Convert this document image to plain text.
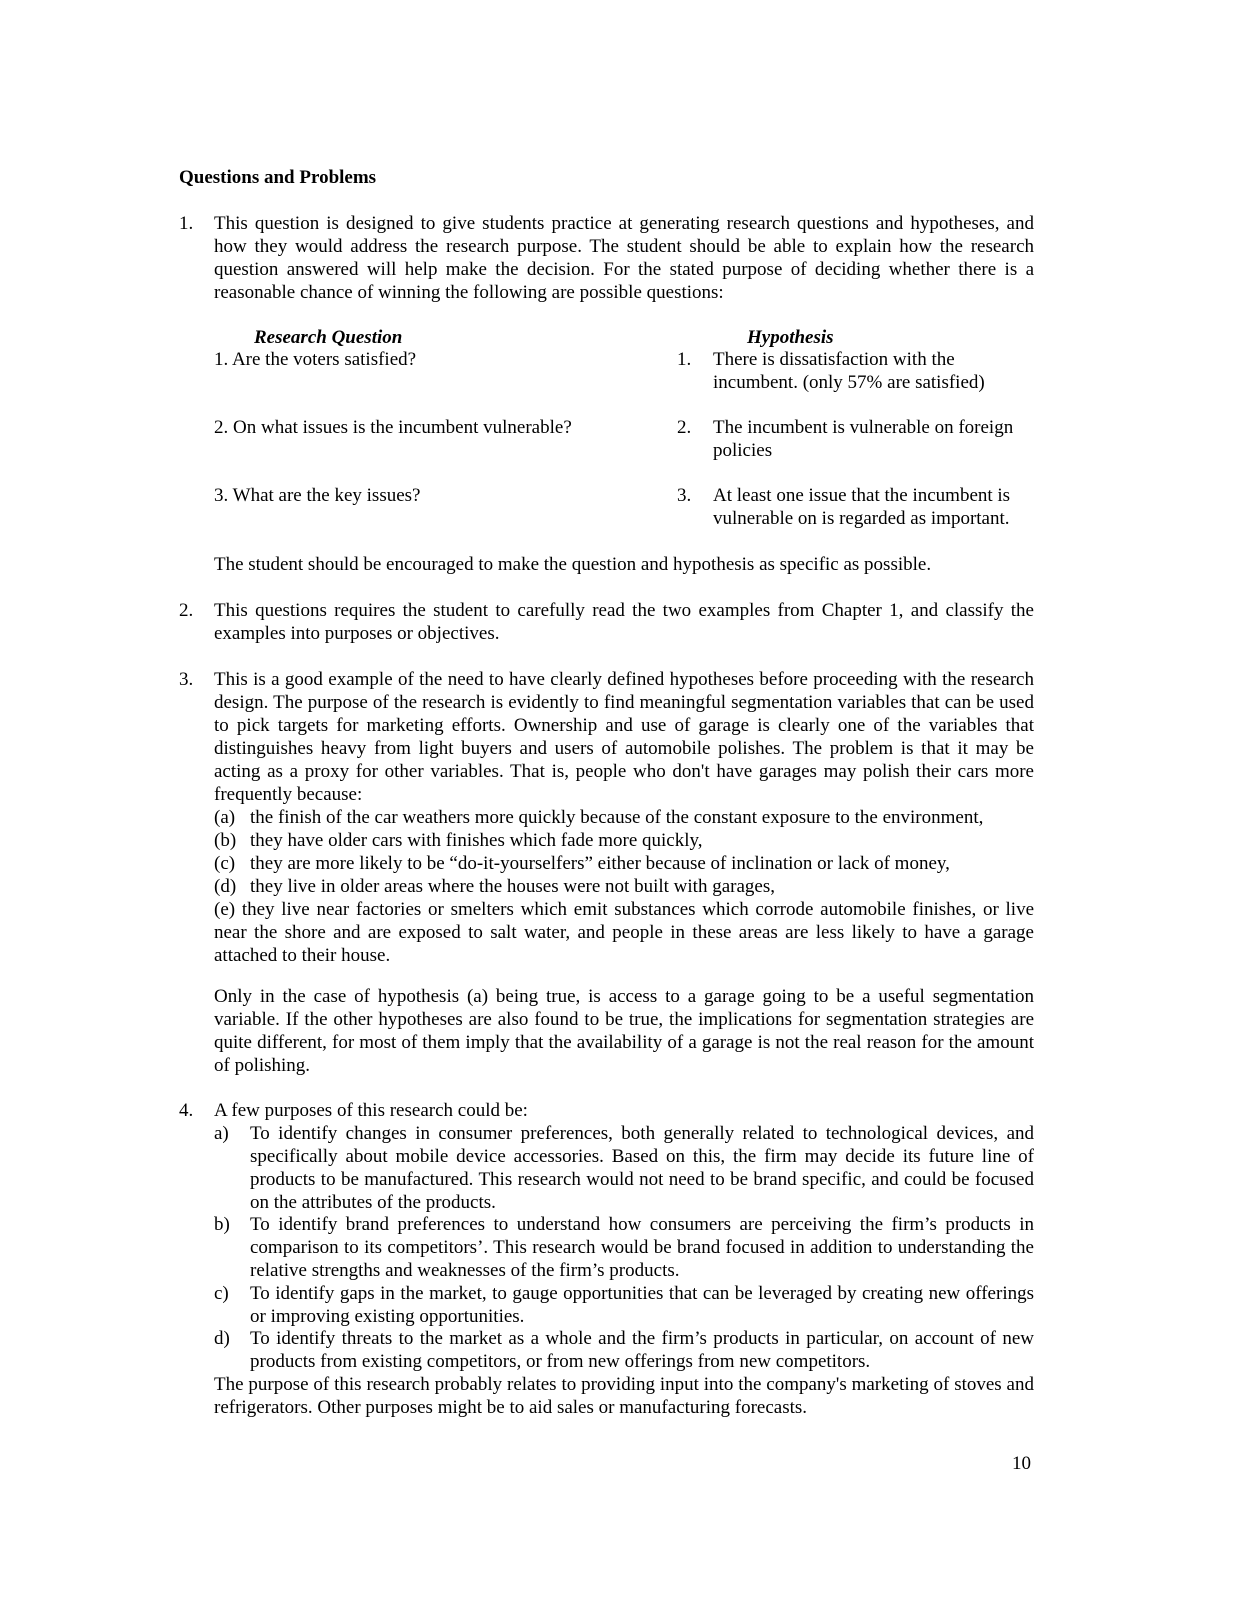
Questions and Problems
1. This question is designed to give students practice at generating research questions and hypotheses, and how they would address the research purpose. The student should be able to explain how the research question answered will help make the decision. For the stated purpose of deciding whether there is a reasonable chance of winning the following are possible questions:
Research Question	Hypothesis
1. Are the voters satisfied?	1. There is dissatisfaction with the incumbent. (only 57% are satisfied)
2. On what issues is the incumbent vulnerable?	2. The incumbent is vulnerable on foreign policies
3. What are the key issues?	3. At least one issue that the incumbent is vulnerable on is regarded as important.
The student should be encouraged to make the question and hypothesis as specific as possible.
2. This questions requires the student to carefully read the two examples from Chapter 1, and classify the examples into purposes or objectives.
3. This is a good example of the need to have clearly defined hypotheses before proceeding with the research design. The purpose of the research is evidently to find meaningful segmentation variables that can be used to pick targets for marketing efforts. Ownership and use of garage is clearly one of the variables that distinguishes heavy from light buyers and users of automobile polishes. The problem is that it may be acting as a proxy for other variables. That is, people who don't have garages may polish their cars more frequently because:
(a) the finish of the car weathers more quickly because of the constant exposure to the environment,
(b) they have older cars with finishes which fade more quickly,
(c) they are more likely to be “do-it-yourselfers” either because of inclination or lack of money,
(d) they live in older areas where the houses were not built with garages,
(e) they live near factories or smelters which emit substances which corrode automobile finishes, or live near the shore and are exposed to salt water, and people in these areas are less likely to have a garage attached to their house.
Only in the case of hypothesis (a) being true, is access to a garage going to be a useful segmentation variable. If the other hypotheses are also found to be true, the implications for segmentation strategies are quite different, for most of them imply that the availability of a garage is not the real reason for the amount of polishing.
4. A few purposes of this research could be:
a) To identify changes in consumer preferences, both generally related to technological devices, and specifically about mobile device accessories. Based on this, the firm may decide its future line of products to be manufactured. This research would not need to be brand specific, and could be focused on the attributes of the products.
b) To identify brand preferences to understand how consumers are perceiving the firm’s products in comparison to its competitors’. This research would be brand focused in addition to understanding the relative strengths and weaknesses of the firm’s products.
c) To identify gaps in the market, to gauge opportunities that can be leveraged by creating new offerings or improving existing opportunities.
d) To identify threats to the market as a whole and the firm’s products in particular, on account of new products from existing competitors, or from new offerings from new competitors.
The purpose of this research probably relates to providing input into the company's marketing of stoves and refrigerators. Other purposes might be to aid sales or manufacturing forecasts.
10
